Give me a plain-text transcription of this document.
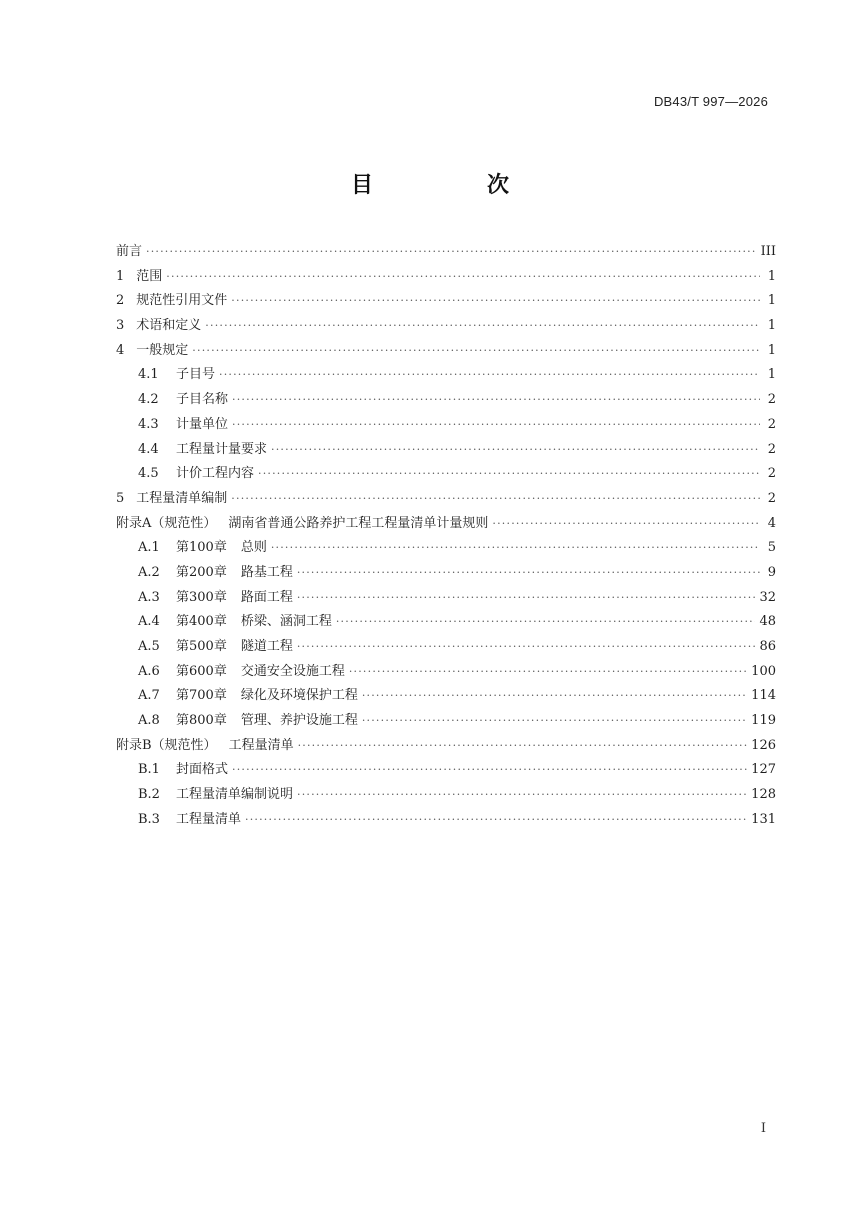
DB43/T 997—2026
目　次
前言 ·····	III
1 范围 ·····	1
2 规范性引用文件 ·····	1
3 术语和定义 ·····	1
4 一般规定 ·····	1
4.1 子目号 ·····	1
4.2 子目名称 ·····	2
4.3 计量单位 ·····	2
4.4 工程量计量要求 ·····	2
4.5 计价工程内容 ·····	2
5 工程量清单编制 ·····	2
附录A（规范性） 湖南省普通公路养护工程工程量清单计量规则 ·····	4
A.1 第100章 总则 ·····	5
A.2 第200章 路基工程 ·····	9
A.3 第300章 路面工程 ·····	32
A.4 第400章 桥梁、涵洞工程 ·····	48
A.5 第500章 隧道工程 ·····	86
A.6 第600章 交通安全设施工程 ·····	100
A.7 第700章 绿化及环境保护工程 ·····	114
A.8 第800章 管理、养护设施工程 ·····	119
附录B（规范性） 工程量清单 ·····	126
B.1 封面格式 ·····	127
B.2 工程量清单编制说明 ·····	128
B.3 工程量清单 ·····	131
I
